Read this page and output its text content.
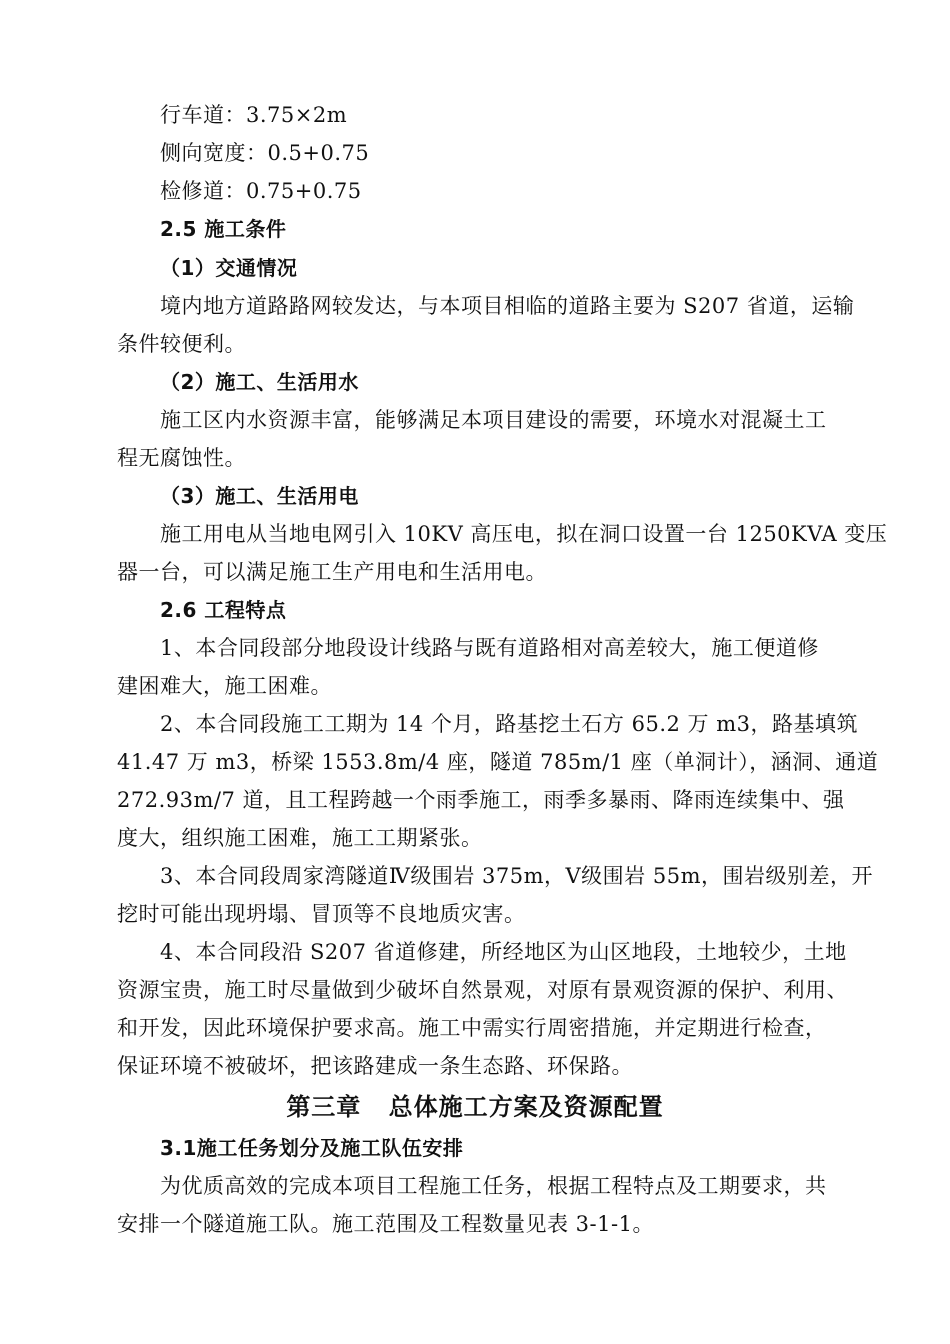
行车道：3.75×2m
侧向宽度：0.5+0.75
检修道：0.75+0.75
2.5 施工条件
（1）交通情况
境内地方道路路网较发达，与本项目相临的道路主要为 S207 省道，运输
条件较便利。
（2）施工、生活用水
施工区内水资源丰富，能够满足本项目建设的需要，环境水对混凝土工
程无腐蚀性。
（3）施工、生活用电
施工用电从当地电网引入 10KV 高压电，拟在洞口设置一台 1250KVA 变压
器一台，可以满足施工生产用电和生活用电。
2.6 工程特点
1、本合同段部分地段设计线路与既有道路相对高差较大，施工便道修
建困难大，施工困难。
2、本合同段施工工期为 14 个月，路基挖土石方 65.2 万 m3，路基填筑
41.47 万 m3，桥梁 1553.8m/4 座，隧道 785m/1 座（单洞计），涵洞、通道
272.93m/7 道，且工程跨越一个雨季施工，雨季多暴雨、降雨连续集中、强
度大，组织施工困难，施工工期紧张。
3、本合同段周家湾隧道Ⅳ级围岩 375m，Ⅴ级围岩 55m，围岩级别差，开
挖时可能出现坍塌、冒顶等不良地质灾害。
4、本合同段沿 S207 省道修建，所经地区为山区地段，土地较少，土地
资源宝贵，施工时尽量做到少破坏自然景观，对原有景观资源的保护、利用、
和开发，因此环境保护要求高。施工中需实行周密措施，并定期进行检查，
保证环境不被破坏，把该路建成一条生态路、环保路。
第三章 总体施工方案及资源配置
3.1施工任务划分及施工队伍安排
为优质高效的完成本项目工程施工任务，根据工程特点及工期要求，共
安排一个隧道施工队。施工范围及工程数量见表 3-1-1。
